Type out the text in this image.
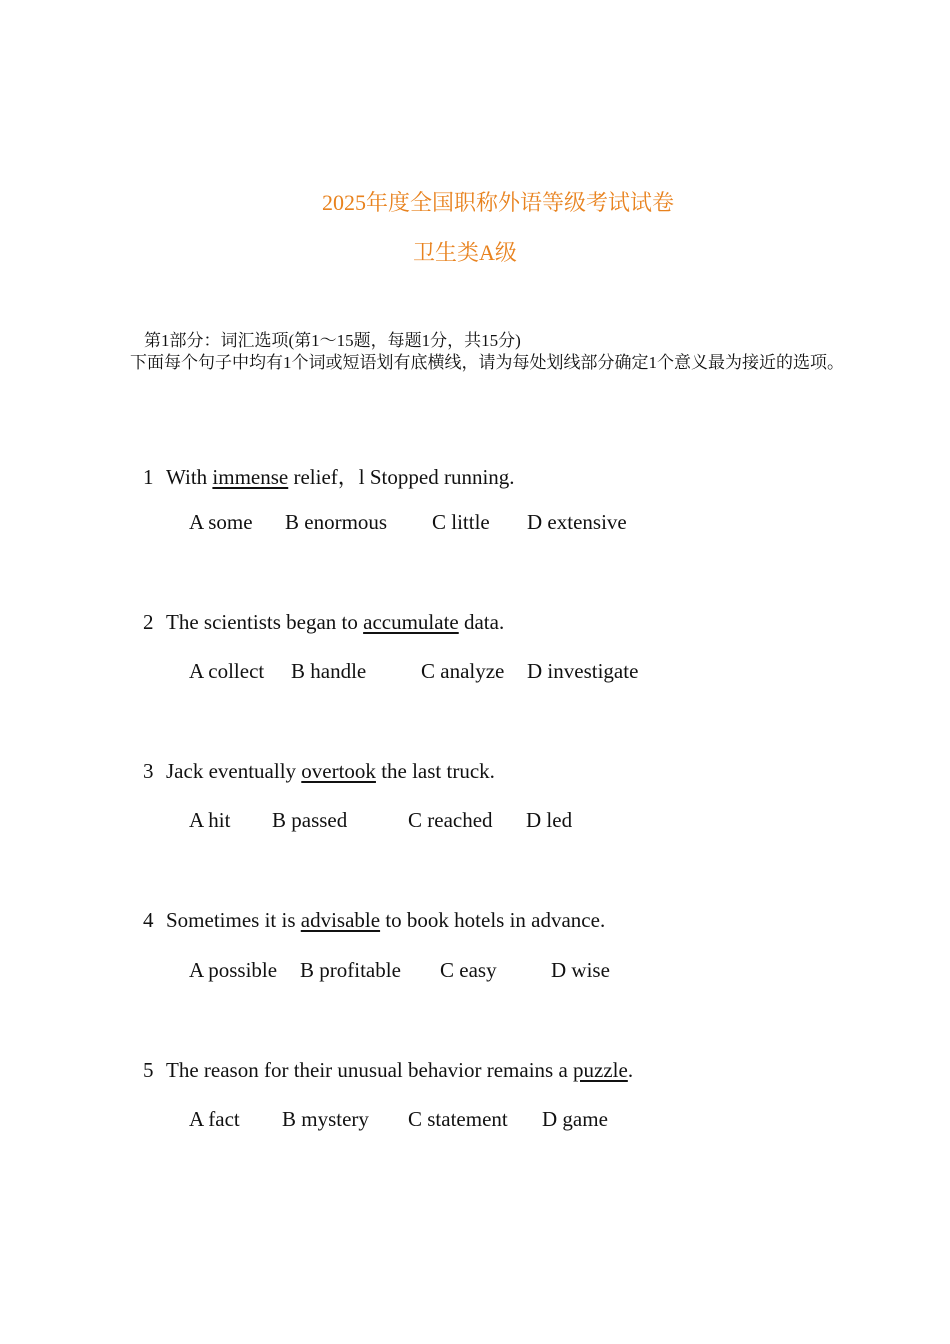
2025年度全国职称外语等级考试试卷
卫生类A级
第1部分：词汇选项(第1～15题，每题1分，共15分)
下面每个句子中均有1个词或短语划有底横线，请为每处划线部分确定1个意义最为接近的选项。
1 With immense relief，l Stopped running.
A some B enormous C little D extensive
2 The scientists began to accumulate data.
A collect B handle	C analyze D investigate
3 Jack eventually overtook the last truck.
A hit B passed	C reached D led
4 Sometimes it is advisable to book hotels in advance.
A possible B profitable C easy	D wise
5 The reason for their unusual behavior remains a puzzle.
A fact B mystery C statement D game
